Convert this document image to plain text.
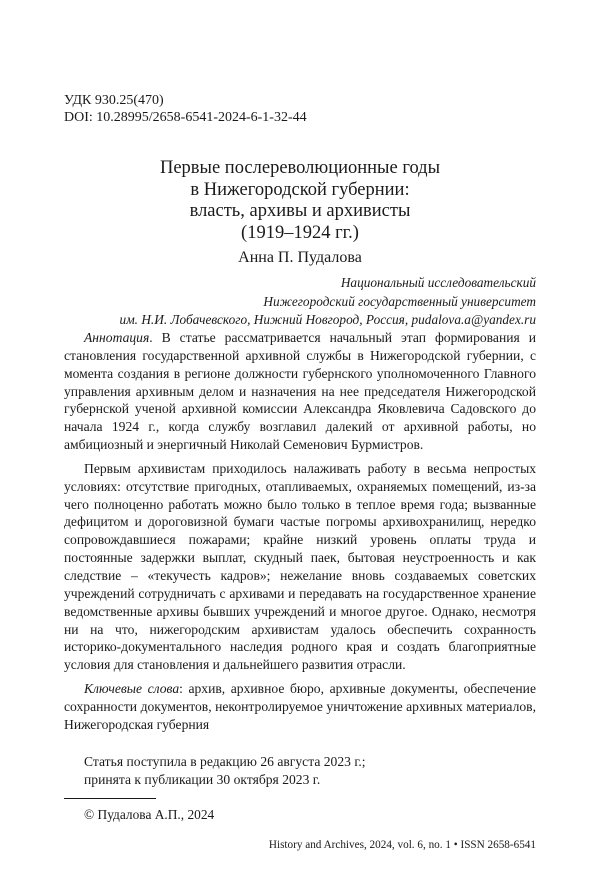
УДК 930.25(470)
DOI: 10.28995/2658-6541-2024-6-1-32-44
Первые послереволюционные годы
в Нижегородской губернии:
власть, архивы и архивисты
(1919–1924 гг.)
Анна П. Пудалова
Национальный исследовательский
Нижегородский государственный университет
им. Н.И. Лобачевского, Нижний Новгород, Россия, pudalova.a@yandex.ru

Аннотация. В статье рассматривается начальный этап формирования и становления государственной архивной службы в Нижегородской губернии, с момента создания в регионе должности губернского уполномоченного Главного управления архивным делом и назначения на нее председателя Нижегородской губернской ученой архивной комиссии Александра Яковлевича Садовского до начала 1924 г., когда службу возглавил далекий от архивной работы, но амбициозный и энергичный Николай Семенович Бурмистров.

Первым архивистам приходилось налаживать работу в весьма непростых условиях: отсутствие пригодных, отапливаемых, охраняемых помещений, из-за чего полноценно работать можно было только в теплое время года; вызванные дефицитом и дороговизной бумаги частые погромы архивохранилищ, нередко сопровождавшиеся пожарами; крайне низкий уровень оплаты труда и постоянные задержки выплат, скудный паек, бытовая неустроенность и как следствие – «текучесть кадров»; нежелание вновь создаваемых советских учреждений сотрудничать с архивами и передавать на государственное хранение ведомственные архивы бывших учреждений и многое другое. Однако, несмотря ни на что, нижегородским архивистам удалось обеспечить сохранность историко-документального наследия родного края и создать благоприятные условия для становления и дальнейшего развития отрасли.

Ключевые слова: архив, архивное бюро, архивные документы, обеспечение сохранности документов, неконтролируемое уничтожение архивных материалов, Нижегородская губерния

Статья поступила в редакцию 26 августа 2023 г.;
принята к публикации 30 октября 2023 г.
© Пудалова А.П., 2024
History and Archives, 2024, vol. 6, no. 1 • ISSN 2658-6541
